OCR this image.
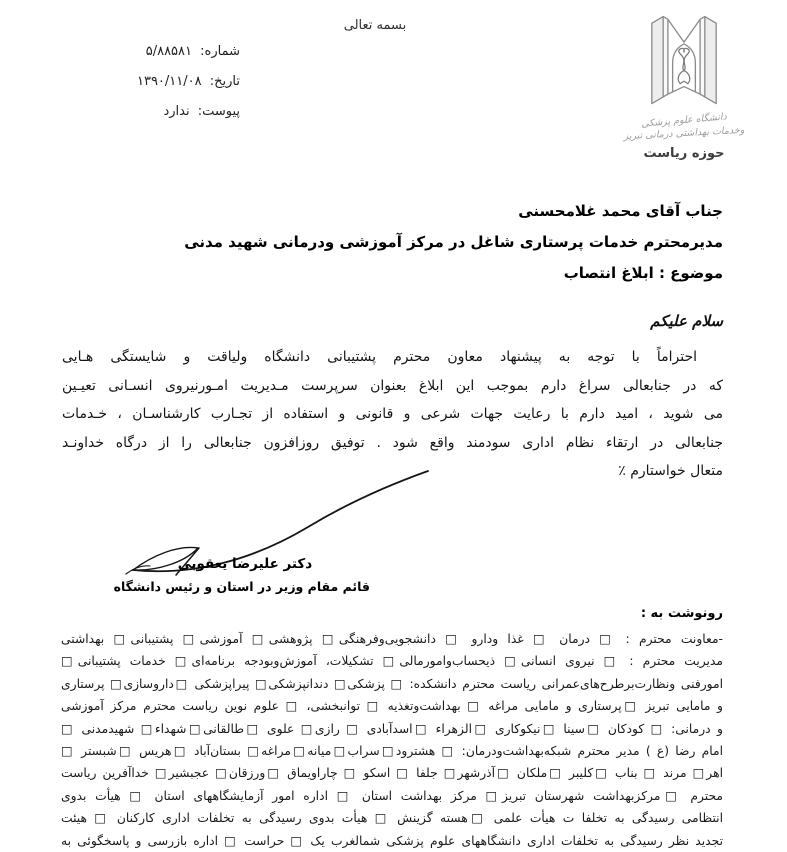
بسمه تعالی
شماره: ۵/۸۸۵۸۱
تاریخ: ۱۳۹۰/۱۱/۰۸
پیوست: ندارد	دانشگاه علوم پزشکی
وخدمات بهداشتی درمانی تبریز
حوزه ریاست
جناب آقای محمد غلامحسنی
مدیرمحترم خدمات پرستاری شاغل در مرکز آموزشی ودرمانی شهید مدنی
موضوع : ابلاغ انتصاب
سلام علیکم
احتراماً با توجه به پیشنهاد معاون محترم پشتیبانی دانشگاه ولیاقت و شایستگی هـایی
که در جنابعالی سراغ دارم بموجب این ابلاغ بعنوان سرپرست مـدیریت امـورنیروی انسـانی تعیـین
می شوید ، امید دارم با رعایت جهات شرعی و قانونی و استفاده از تجـارب کارشناسـان ، خـدمات
جنابعالی در ارتقاء نظام اداری سودمند واقع شود . توفیق روزافزون جنابعالی را از درگاه خداونـد
متعال خواستارم ٪
دکتر علیرضا یعقوبی
قائم مقام وزیر در استان و رئیس دانشگاه
رونوشت به :
-معاونت محترم : □ درمان □ غذا ودارو □ دانشجویی‌وفرهنگی□ پژوهشی□ آموزشی□ پشتیبانی□ بهداشتی
مدیریت محترم : □ نیروی انسانی□ ذیحساب‌وامورمالی□ تشکیلات، آموزش‌وبودجه برنامه‌ای□ خدمات پشتیبانی□
امورفنی ونظارت‌برطرح‌های‌عمرانی ریاست محترم دانشکده: □ پزشکی□ دندانپزشکی□ پیراپزشکی □داروسازی□ پرستاری
و مامایی تبریز □پرستاری و مامایی مراغه □ بهداشت‌وتغذیه □ توانبخشی، □ علوم نوین ریاست محترم مرکز آموزشی
و درمانی: □ کودکان □سینا □نیکوکاری □الزهراء □اسدآبادی □ رازی□ علوی □طالقانی□شهداء□ شهیدمدنی □
امام رضا (ع ) مدیر محترم شبکه‌بهداشت‌ودرمان: □ هشترود□سراب□میانه□مراغه□ بستان‌آباد □هریس □شبستر □
اهر□ مرند □ بناب □کلیبر □ملکان □آذرشهر□ جلفا □ اسکو □ چاراویماق □ورزقان□ عجبشیر□ خداآفرین ریاست
محترم □مرکزبهداشت شهرستان تبریز□ مرکز بهداشت استان □ اداره امور آزمایشگاههای استان □ هیأت بدوی
انتظامی رسیدگی به تخلفا ت هیأت علمی □هسته گزینش □ هیأت بدوی رسیدگی به تخلفات اداری کارکنان □ هیئت
تجدید نظر رسیدگی به تخلفات اداری دانشگاههای علوم پزشکی شمالغرب یک □ حراست □ اداره بازرسی و پاسخگوئی به
